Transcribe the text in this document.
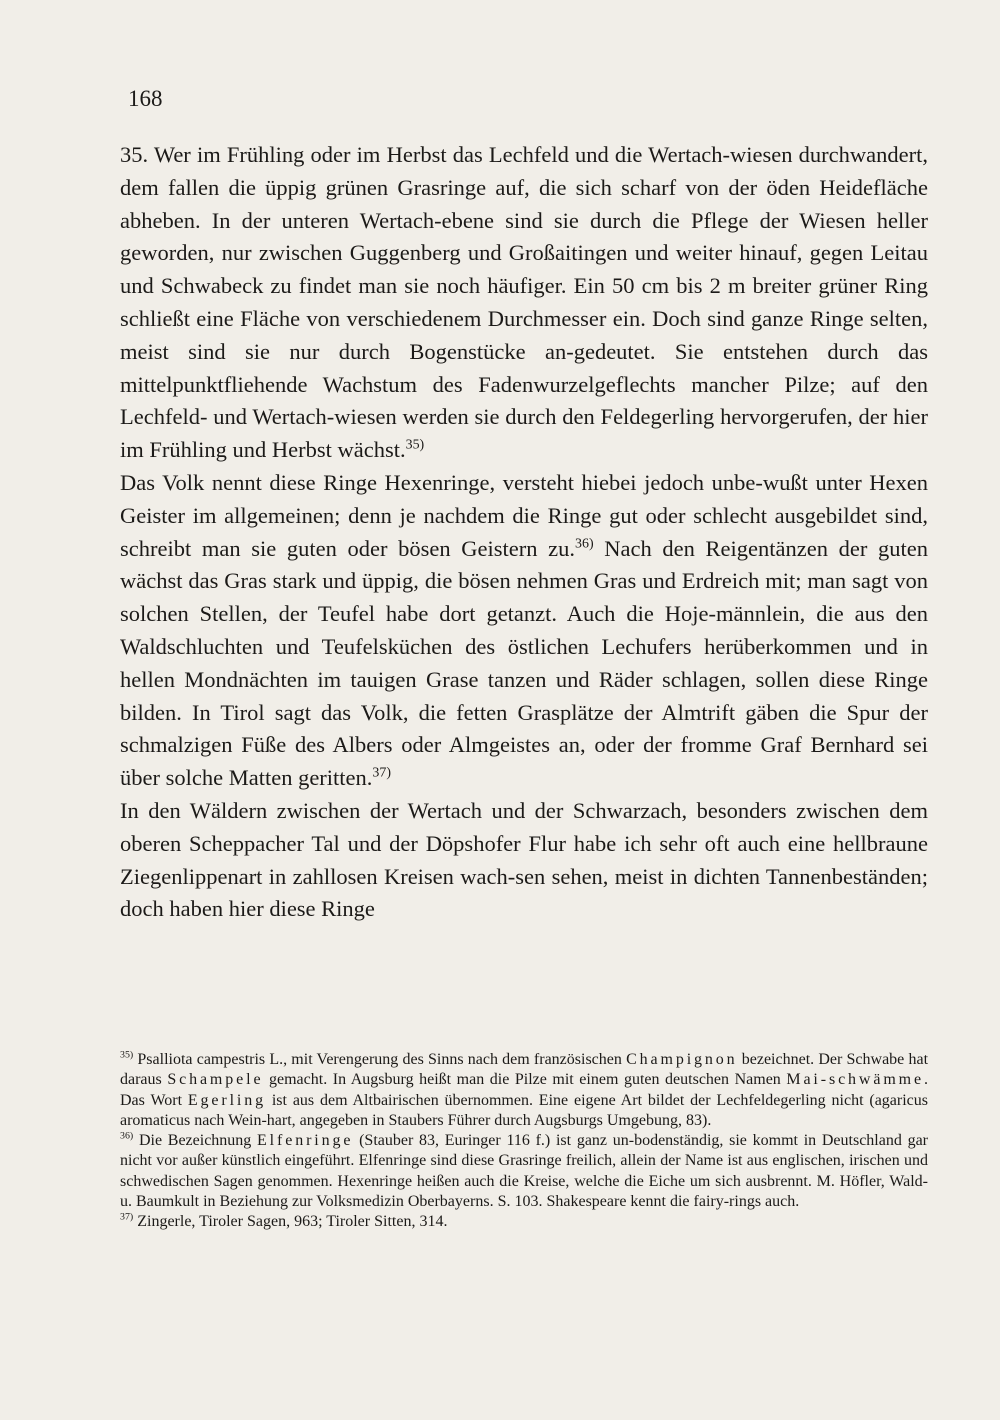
168

35. Wer im Frühling oder im Herbst das Lechfeld und die Wertach-wiesen durchwandert, dem fallen die üppig grünen Grasringe auf, die sich scharf von der öden Heidefläche abheben. In der unteren Wertach-ebene sind sie durch die Pflege der Wiesen heller geworden, nur zwischen Guggenberg und Großaitingen und weiter hinauf, gegen Leitau und Schwabeck zu findet man sie noch häufiger. Ein 50 cm bis 2 m breiter grüner Ring schließt eine Fläche von verschiedenem Durchmesser ein. Doch sind ganze Ringe selten, meist sind sie nur durch Bogenstücke an-gedeutet. Sie entstehen durch das mittelpunktfliehende Wachstum des Fadenwurzelgeflechts mancher Pilze; auf den Lechfeld- und Wertach-wiesen werden sie durch den Feldegerling hervorgerufen, der hier im Frühling und Herbst wächst.$^{35)}$

Das Volk nennt diese Ringe Hexenringe, versteht hiebei jedoch unbe-wußt unter Hexen Geister im allgemeinen; denn je nachdem die Ringe gut oder schlecht ausgebildet sind, schreibt man sie guten oder bösen Geistern zu.$^{36)}$ Nach den Reigentänzen der guten wächst das Gras stark und üppig, die bösen nehmen Gras und Erdreich mit; man sagt von solchen Stellen, der Teufel habe dort getanzt. Auch die Hoje-männlein, die aus den Waldschluchten und Teufelsküchen des östlichen Lechufers herüberkommen und in hellen Mondnächten im tauigen Grase tanzen und Räder schlagen, sollen diese Ringe bilden. In Tirol sagt das Volk, die fetten Grasplätze der Almtrift gäben die Spur der schmalzigen Füße des Albers oder Almgeistes an, oder der fromme Graf Bernhard sei über solche Matten geritten.$^{37)}$

In den Wäldern zwischen der Wertach und der Schwarzach, besonders zwischen dem oberen Scheppacher Tal und der Döpshofer Flur habe ich sehr oft auch eine hellbraune Ziegenlippenart in zahllosen Kreisen wach-sen sehen, meist in dichten Tannenbeständen; doch haben hier diese Ringe

$^{35)}$ Psalliota campestris L., mit Verengerung des Sinns nach dem französischen Champignon bezeichnet. Der Schwabe hat daraus Schampele gemacht. In Augsburg heißt man die Pilze mit einem guten deutschen Namen Mai-schwämme. Das Wort Egerling ist aus dem Altbairischen übernommen. Eine eigene Art bildet der Lechfeldegerling nicht (agaricus aromaticus nach Wein-hart, angegeben in Staubers Führer durch Augsburgs Umgebung, 83).

$^{36)}$ Die Bezeichnung Elfenringe (Stauber 83, Euringer 116 f.) ist ganz un-bodenständig, sie kommt in Deutschland gar nicht vor außer künstlich eingeführt. Elfenringe sind diese Grasringe freilich, allein der Name ist aus englischen, irischen und schwedischen Sagen genommen. Hexenringe heißen auch die Kreise, welche die Eiche um sich ausbrennt. M. Höfler, Wald- u. Baumkult in Beziehung zur Volksmedizin Oberbayerns. S. 103. Shakespeare kennt die fairy-rings auch.

$^{37)}$ Zingerle, Tiroler Sagen, 963; Tiroler Sitten, 314.
